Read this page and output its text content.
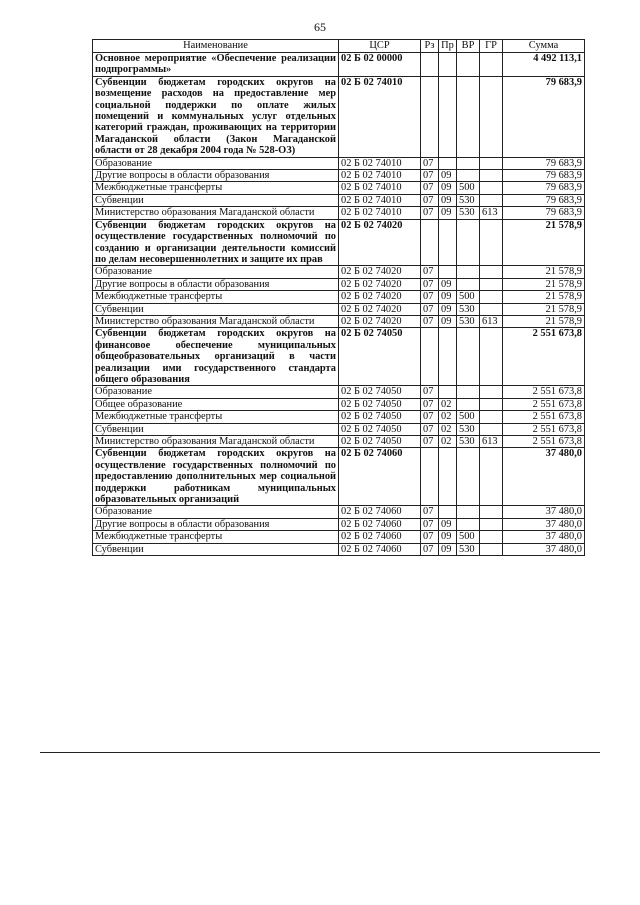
65
Наименование	ЦСР	Рз	Пр	ВР	ГР	Сумма
Основное мероприятие «Обеспечение реализации подпрограммы»	02 Б 02 00000					4 492 113,1
Субвенции бюджетам городских округов на возмещение расходов на предоставление мер социальной поддержки по оплате жилых помещений и коммунальных услуг отдельных категорий граждан, проживающих на территории Магаданской области (Закон Магаданской области от 28 декабря 2004 года № 528-ОЗ)	02 Б 02 74010					79 683,9
Образование	02 Б 02 74010	07				79 683,9
Другие вопросы в области образования	02 Б 02 74010	07	09			79 683,9
Межбюджетные трансферты	02 Б 02 74010	07	09	500		79 683,9
Субвенции	02 Б 02 74010	07	09	530		79 683,9
Министерство образования Магаданской области	02 Б 02 74010	07	09	530	613	79 683,9
Субвенции бюджетам городских округов на осуществление государственных полномочий по созданию и организации деятельности комиссий по делам несовершеннолетних и защите их прав	02 Б 02 74020					21 578,9
Образование	02 Б 02 74020	07				21 578,9
Другие вопросы в области образования	02 Б 02 74020	07	09			21 578,9
Межбюджетные трансферты	02 Б 02 74020	07	09	500		21 578,9
Субвенции	02 Б 02 74020	07	09	530		21 578,9
Министерство образования Магаданской области	02 Б 02 74020	07	09	530	613	21 578,9
Субвенции бюджетам городских округов на финансовое обеспечение муниципальных общеобразовательных организаций в части реализации ими государственного стандарта общего образования	02 Б 02 74050					2 551 673,8
Образование	02 Б 02 74050	07				2 551 673,8
Общее образование	02 Б 02 74050	07	02			2 551 673,8
Межбюджетные трансферты	02 Б 02 74050	07	02	500		2 551 673,8
Субвенции	02 Б 02 74050	07	02	530		2 551 673,8
Министерство образования Магаданской области	02 Б 02 74050	07	02	530	613	2 551 673,8
Субвенции бюджетам городских округов на осуществление государственных полномочий по предоставлению дополнительных мер социальной поддержки работникам муниципальных образовательных организаций	02 Б 02 74060					37 480,0
Образование	02 Б 02 74060	07				37 480,0
Другие вопросы в области образования	02 Б 02 74060	07	09			37 480,0
Межбюджетные трансферты	02 Б 02 74060	07	09	500		37 480,0
Субвенции	02 Б 02 74060	07	09	530		37 480,0
